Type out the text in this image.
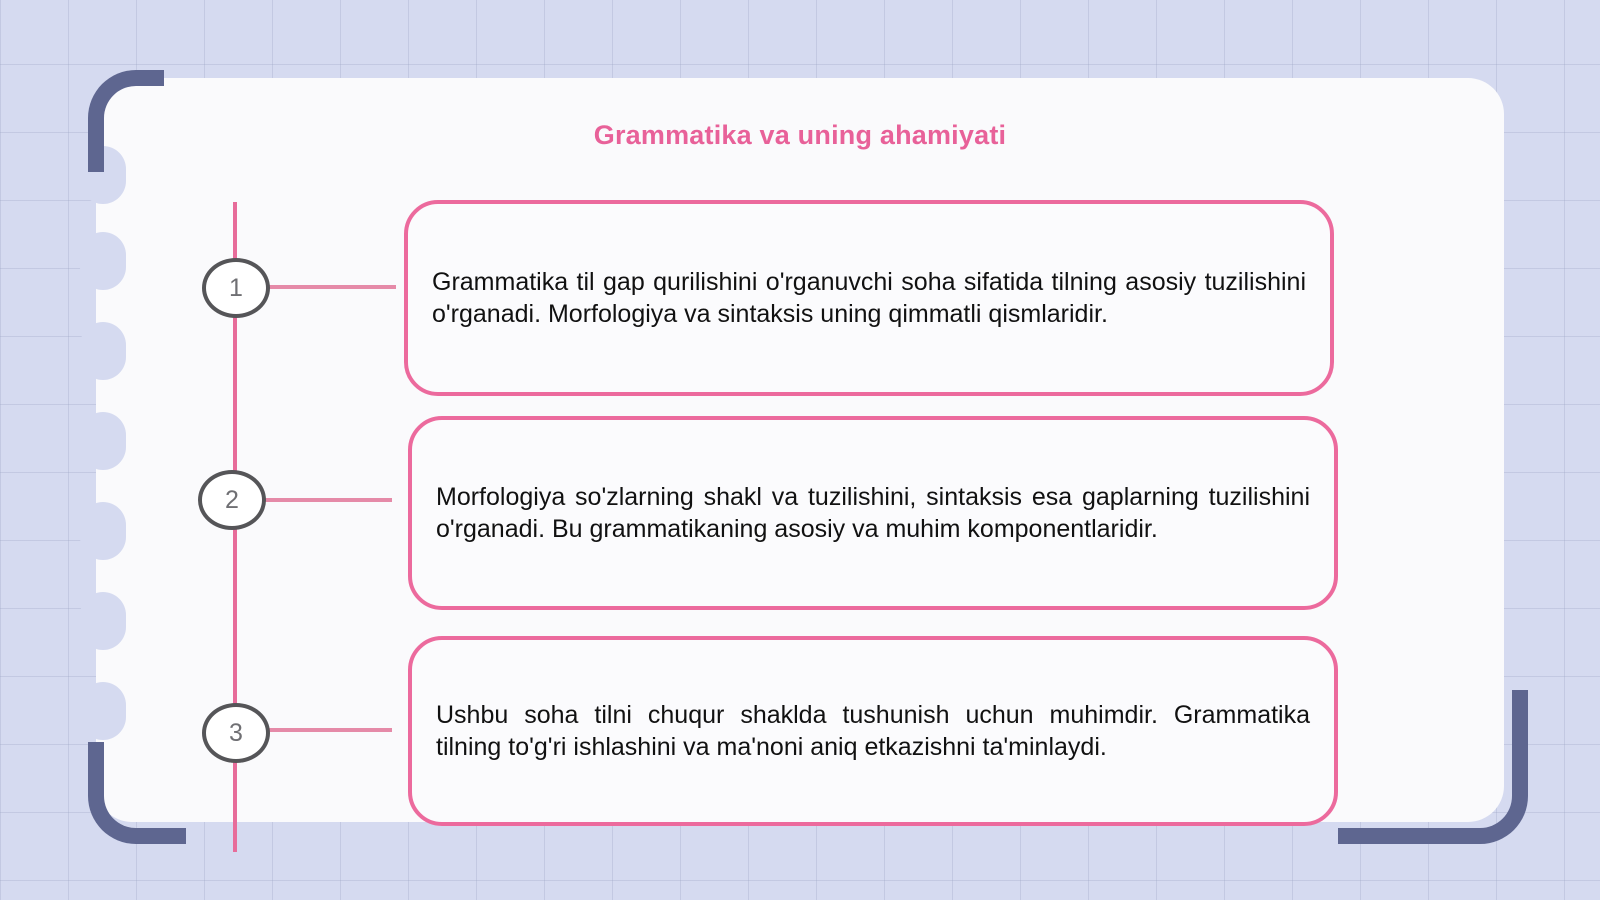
Grammatika va uning ahamiyati
1	Grammatika til gap qurilishini o'rganuvchi soha sifatida tilning asosiy tuzilishini o'rganadi. Morfologiya va sintaksis uning qimmatli qismlaridir.

2	Morfologiya so'zlarning shakl va tuzilishini, sintaksis esa gaplarning tuzilishini o'rganadi. Bu grammatikaning asosiy va muhim komponentlaridir.

3

Ushbu soha tilni chuqur shaklda tushunish uchun muhimdir. Grammatika tilning to'g'ri ishlashini va ma'noni aniq etkazishni ta'minlaydi.
